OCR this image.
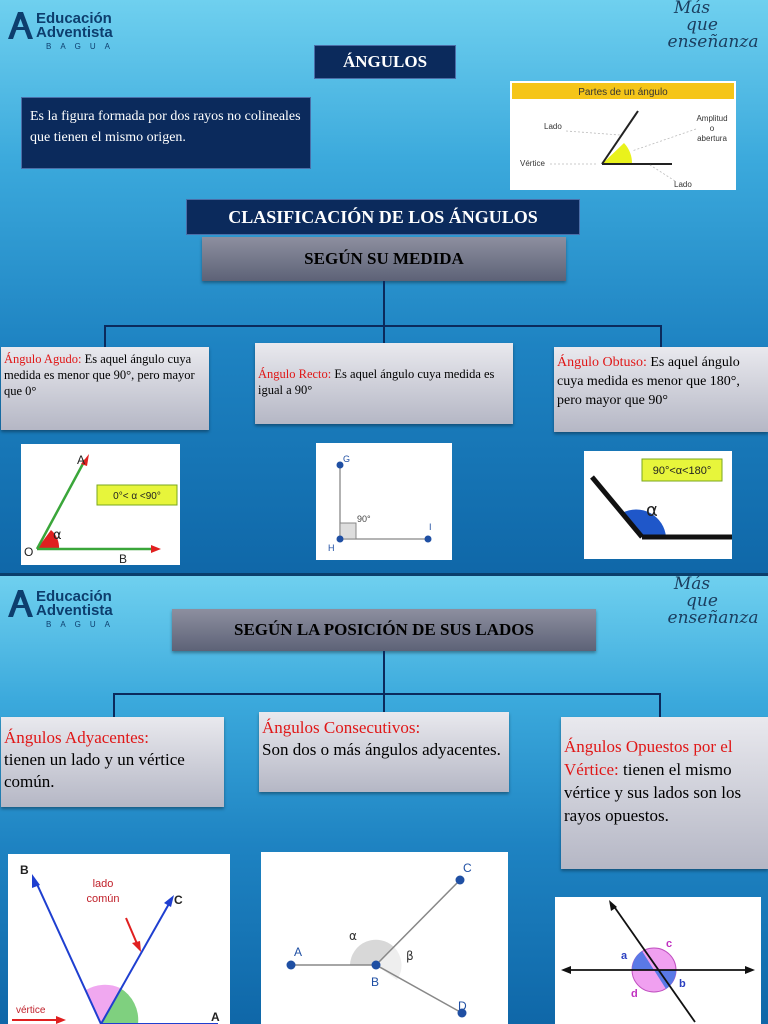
Educación
Adventista
BAGUA
Más
que
enseñanza
ÁNGULOS
Es la figura formada por dos rayos no colineales que tienen el mismo origen.
Partes de un ángulo
Lado
Amplitud
o
abertura
Vértice
Lado
CLASIFICACIÓN DE LOS ÁNGULOS
SEGÚN SU MEDIDA
Ángulo Agudo: Es aquel ángulo cuya medida es menor que 90°, pero mayor que 0°
Ángulo Recto: Es aquel ángulo cuya medida es igual a 90°
Ángulo Obtuso: Es aquel ángulo cuya medida es menor que 180°, pero mayor que 90°
0°< α <90°
A
O	B
α
G
H
I
90°
90°<α<180°
α
Educación
Adventista
BAGUA
Más
que
enseñanza
SEGÚN LA POSICIÓN DE SUS LADOS
Ángulos Adyacentes:
tienen un lado y un vértice común.
Ángulos Consecutivos:
Son dos o más ángulos adyacentes.	Ángulos Opuestos por el Vértice: tienen el mismo vértice y sus lados son los rayos opuestos.
B
C
A
lado
común
vértice
A
B
C
D
α
β	a
b
c
d
